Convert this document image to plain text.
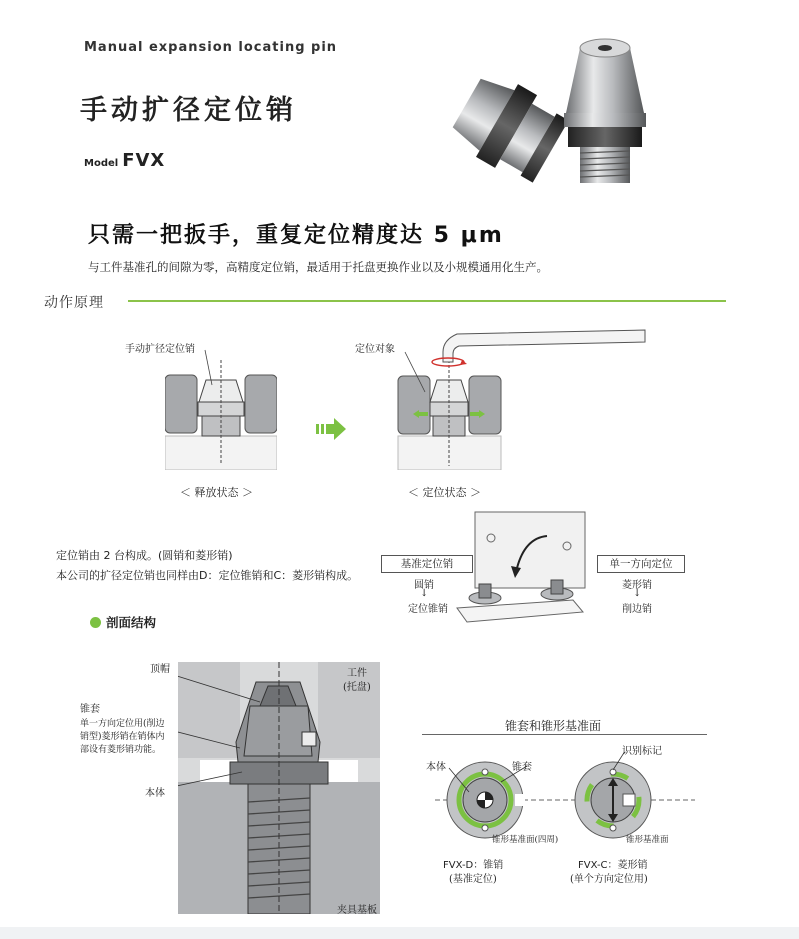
Manual expansion locating pin
手动扩径定位销
Model FVX
只需一把扳手，重复定位精度达 5 μm
与工件基准孔的间隙为零，高精度定位销，最适用于托盘更换作业以及小规模通用化生产。
动作原理
手动扩径定位销	定位对象
＜ 释放状态 ＞	＜ 定位状态 ＞
定位销由 2 台构成。(圆销和菱形销)
本公司的扩径定位销也同样由D：定位锥销和C：菱形销构成。
基准定位销
圆销
↓
定位锥销
单一方向定位
菱形销
↓
削边销
剖面结构
顶帽	工件
(托盘)
锥套
单一方向定位用(削边
销型)菱形销在销体内
部设有菱形销功能。
本体
夹具基板
锥套和锥形基准面
本体	锥套
识别标记
锥形基准面(四周)	锥形基准面
FVX-D：锥销
(基准定位)
FVX-C：菱形销
(单个方向定位用)
